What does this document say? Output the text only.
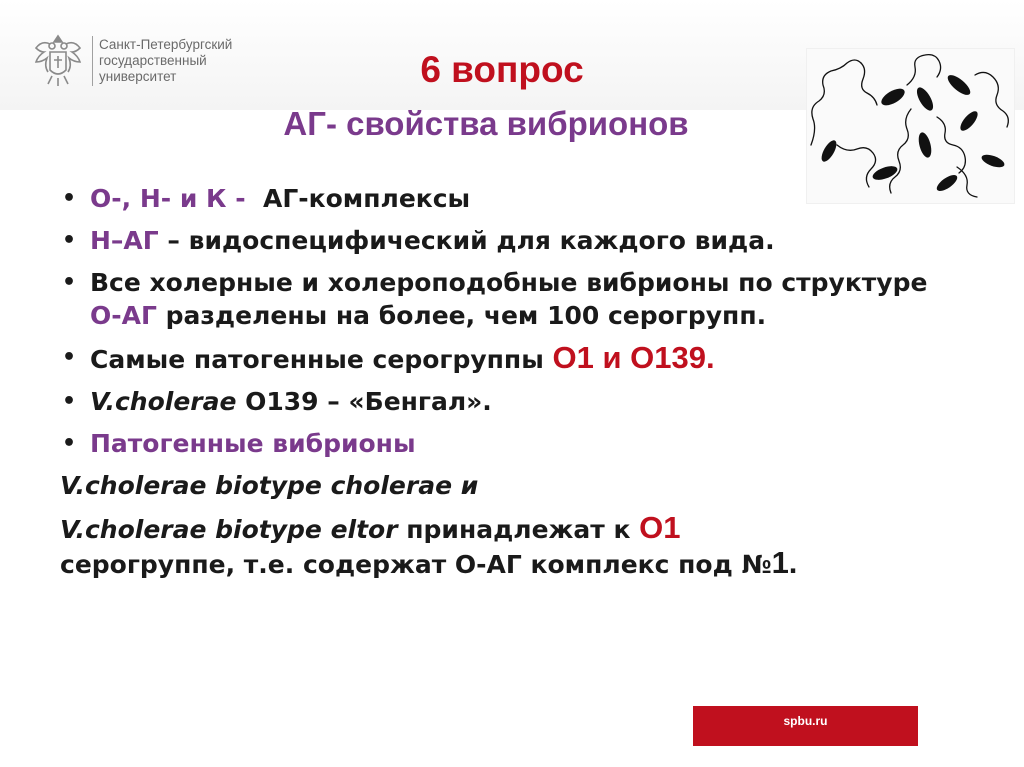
Санкт-Петербургский
государственный
университет	6 вопрос
АГ- свойства вибрионов
• О-, Н- и К - АГ-комплексы
• Н–АГ – видоспецифический для каждого вида.
• Все холерные и холероподобные вибрионы по структуре О-АГ разделены на более, чем 100 серогрупп.
• Самые патогенные серогруппы О1 и О139.
• V.cholerae О139 – «Бенгал».
• Патогенные вибрионы
V.cholerae biotype cholerae и
V.cholerae biotype eltor принадлежат к О1
серогруппе, т.е. содержат О-АГ комплекс под №1.
spbu.ru
